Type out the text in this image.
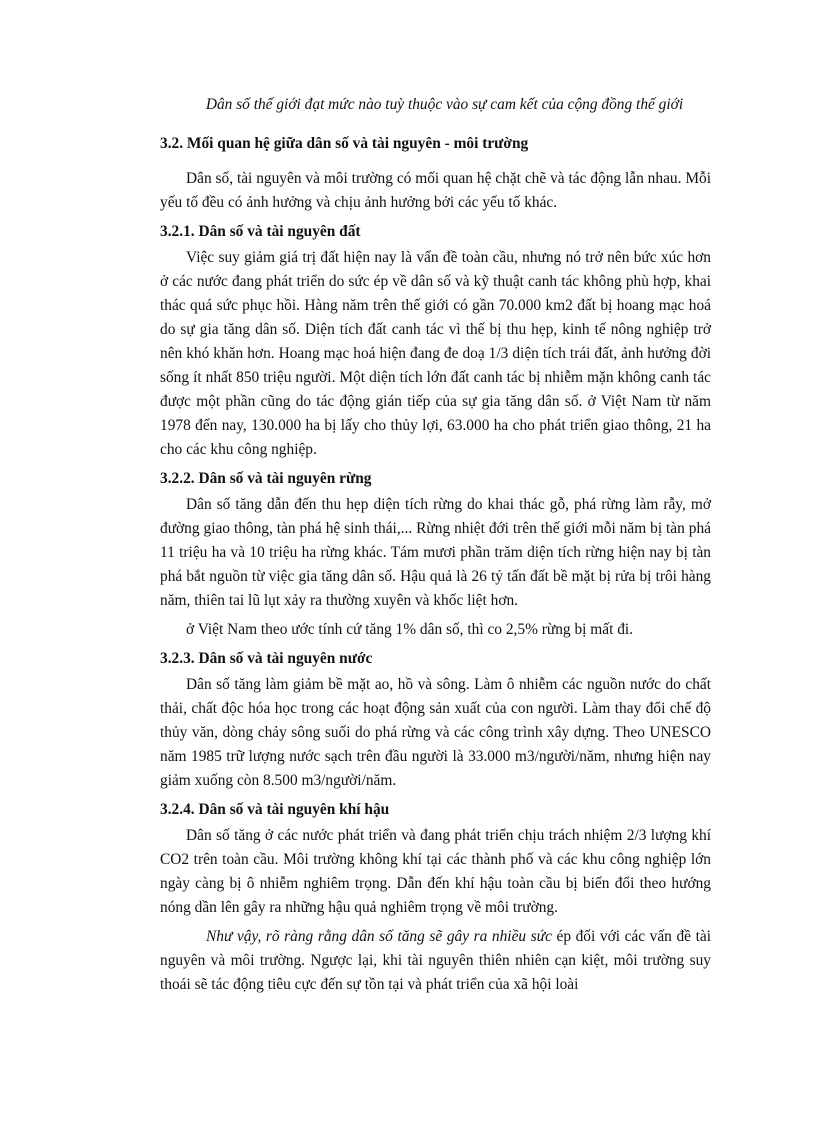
Dân số thế giới đạt mức nào tuỳ thuộc vào sự cam kết của cộng đồng thế giới
3.2. Mối quan hệ giữa dân số và tài nguyên - môi trường

Dân số, tài nguyên và môi trường có mối quan hệ chặt chẽ và tác động lẫn nhau. Mỗi yếu tố đều có ảnh hưởng và chịu ảnh hưởng bởi các yếu tố khác.

3.2.1. Dân số và tài nguyên đất

Việc suy giảm giá trị đất hiện nay là vấn đề toàn cầu, nhưng nó trở nên bức xúc hơn ở các nước đang phát triển do sức ép về dân số và kỹ thuật canh tác không phù hợp, khai thác quá sức phục hồi. Hàng năm trên thế giới có gần 70.000 km2 đất bị hoang mạc hoá do sự gia tăng dân số. Diện tích đất canh tác vì thế bị thu hẹp, kinh tế nông nghiệp trở nên khó khăn hơn. Hoang mạc hoá hiện đang đe doạ 1/3 diện tích trái đất, ảnh hưởng đời sống ít nhất 850 triệu người. Một diện tích lớn đất canh tác bị nhiễm mặn không canh tác được một phần cũng do tác động gián tiếp của sự gia tăng dân số. ở Việt Nam từ năm 1978 đến nay, 130.000 ha bị lấy cho thủy lợi, 63.000 ha cho phát triển giao thông, 21 ha cho các khu công nghiệp.

3.2.2. Dân số và tài nguyên rừng

Dân số tăng dẫn đến thu hẹp diện tích rừng do khai thác gỗ, phá rừng làm rẫy, mở đường giao thông, tàn phá hệ sinh thái,... Rừng nhiệt đới trên thế giới mỗi năm bị tàn phá 11 triệu ha và 10 triệu ha rừng khác. Tám mươi phần trăm diện tích rừng hiện nay bị tàn phá bắt nguồn từ việc gia tăng dân số. Hậu quả là 26 tỷ tấn đất bề mặt bị rửa bị trôi hàng năm, thiên tai lũ lụt xảy ra thường xuyên và khốc liệt hơn.

ở Việt Nam theo ước tính cứ tăng 1% dân số, thì co 2,5% rừng bị mất đi.

3.2.3. Dân số và tài nguyên nước

Dân số tăng làm giảm bề mặt ao, hồ và sông. Làm ô nhiễm các nguồn nước do chất thải, chất độc hóa học trong các hoạt động sản xuất của con người. Làm thay đổi chế độ thủy văn, dòng chảy sông suối do phá rừng và các công trình xây dựng. Theo UNESCO năm 1985 trữ lượng nước sạch trên đầu người là 33.000 m3/người/năm, nhưng hiện nay giảm xuống còn 8.500 m3/người/năm.

3.2.4. Dân số và tài nguyên khí hậu

Dân số tăng ở các nước phát triển và đang phát triển chịu trách nhiệm 2/3 lượng khí CO2 trên toàn cầu. Môi trường không khí tại các thành phố và các khu công nghiệp lớn ngày càng bị ô nhiễm nghiêm trọng. Dẫn đến khí hậu toàn cầu bị biến đổi theo hướng nóng dần lên gây ra những hậu quả nghiêm trọng về môi trường.

Như vậy, rõ ràng rằng dân số tăng sẽ gây ra nhiều sức ép đối với các vấn đề tài nguyên và môi trường. Ngược lại, khi tài nguyên thiên nhiên cạn kiệt, môi trường suy thoái sẽ tác động tiêu cực đến sự tồn tại và phát triển của xã hội loài
